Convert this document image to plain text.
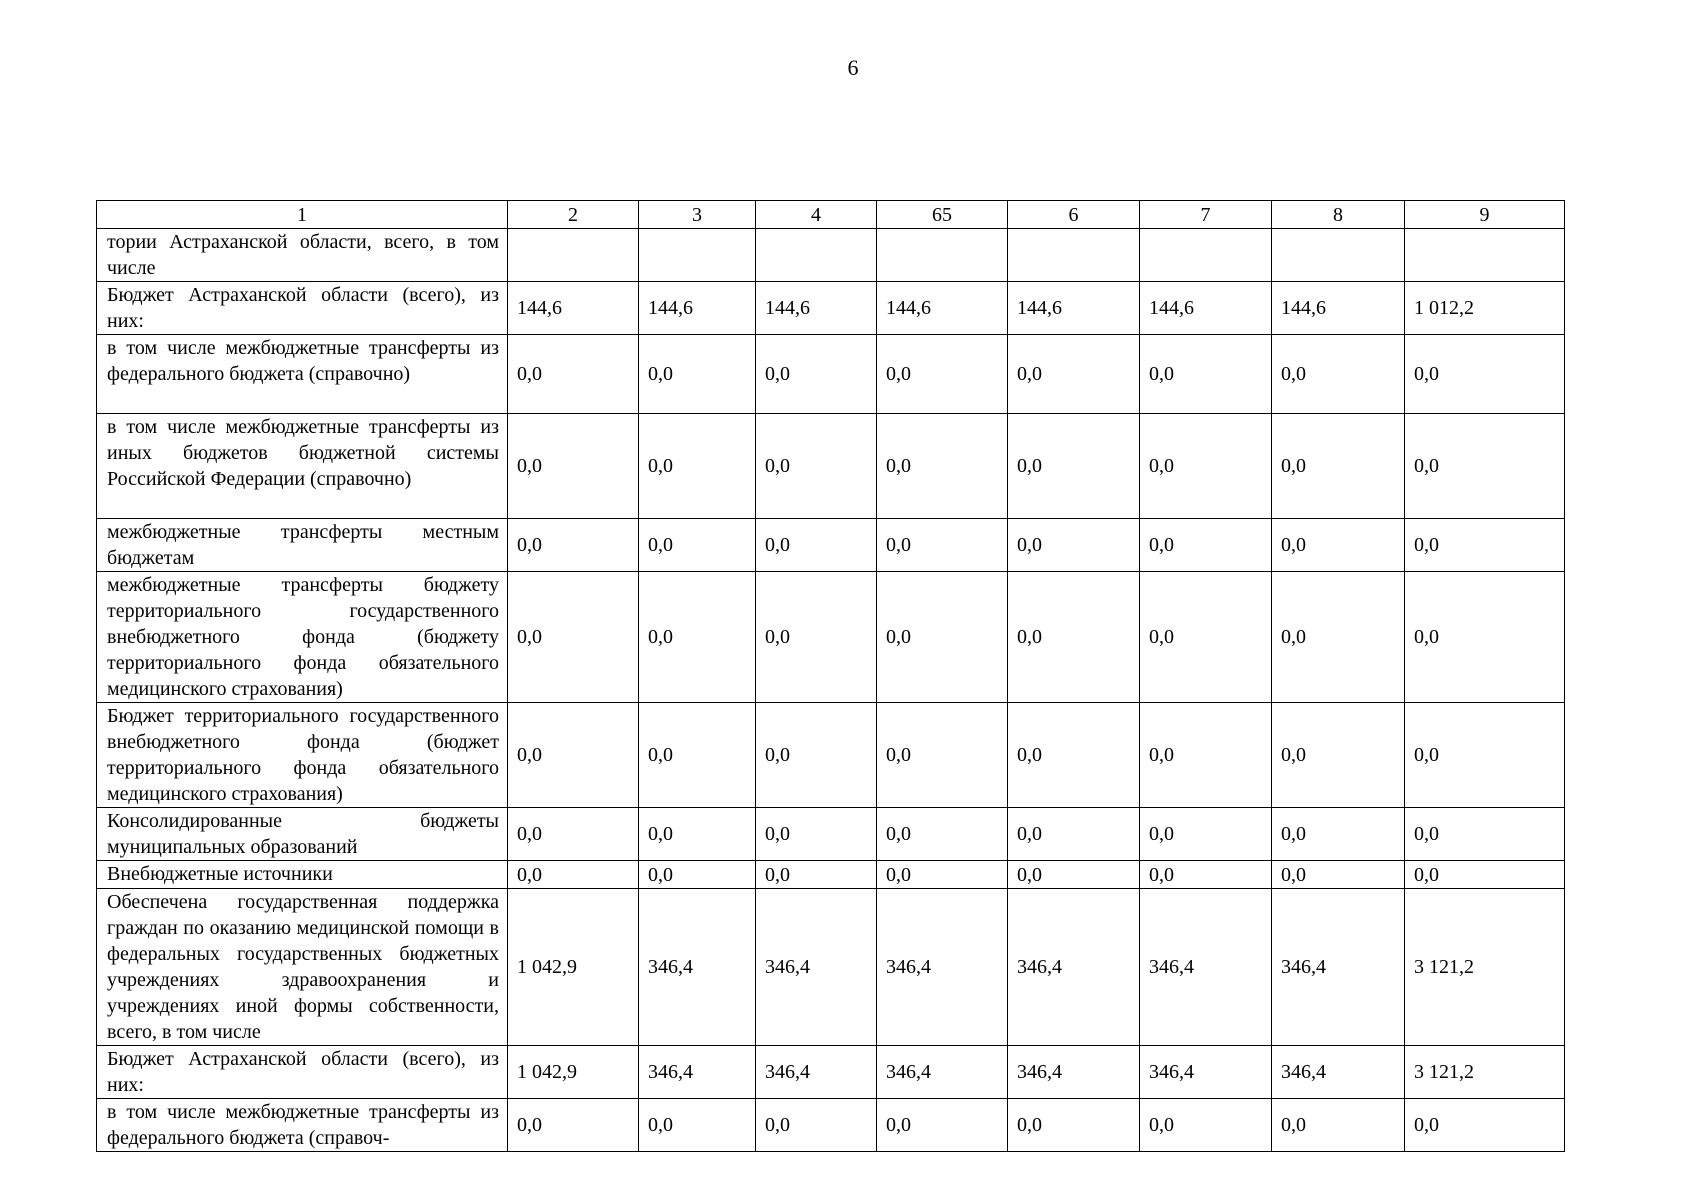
6
1	2	3	4	65	6	7	8	9
тории Астраханской области, всего, в том числе								
Бюджет Астраханской области (всего), из них:	144,6	144,6	144,6	144,6	144,6	144,6	144,6	1 012,2
в том числе межбюджетные трансферты из федерального бюджета (справочно)	0,0	0,0	0,0	0,0	0,0	0,0	0,0	0,0
в том числе межбюджетные трансферты из иных бюджетов бюджетной системы Российской Федерации (справочно)	0,0	0,0	0,0	0,0	0,0	0,0	0,0	0,0
межбюджетные трансферты местным бюджетам	0,0	0,0	0,0	0,0	0,0	0,0	0,0	0,0
межбюджетные трансферты бюджету территориального государственного внебюджетного фонда (бюджету территориального фонда обязательного медицинского страхования)	0,0	0,0	0,0	0,0	0,0	0,0	0,0	0,0
Бюджет территориального государственного внебюджетного фонда (бюджет территориального фонда обязательного медицинского страхования)	0,0	0,0	0,0	0,0	0,0	0,0	0,0	0,0
Консолидированные бюджеты муниципальных образований	0,0	0,0	0,0	0,0	0,0	0,0	0,0	0,0
Внебюджетные источники	0,0	0,0	0,0	0,0	0,0	0,0	0,0	0,0
Обеспечена государственная поддержка граждан по оказанию медицинской помощи в федеральных государственных бюджетных учреждениях здравоохранения и учреждениях иной формы собственности, всего, в том числе	1 042,9	346,4	346,4	346,4	346,4	346,4	346,4	3 121,2
Бюджет Астраханской области (всего), из них:	1 042,9	346,4	346,4	346,4	346,4	346,4	346,4	3 121,2
в том числе межбюджетные трансферты из федерального бюджета (справоч-	0,0	0,0	0,0	0,0	0,0	0,0	0,0	0,0
